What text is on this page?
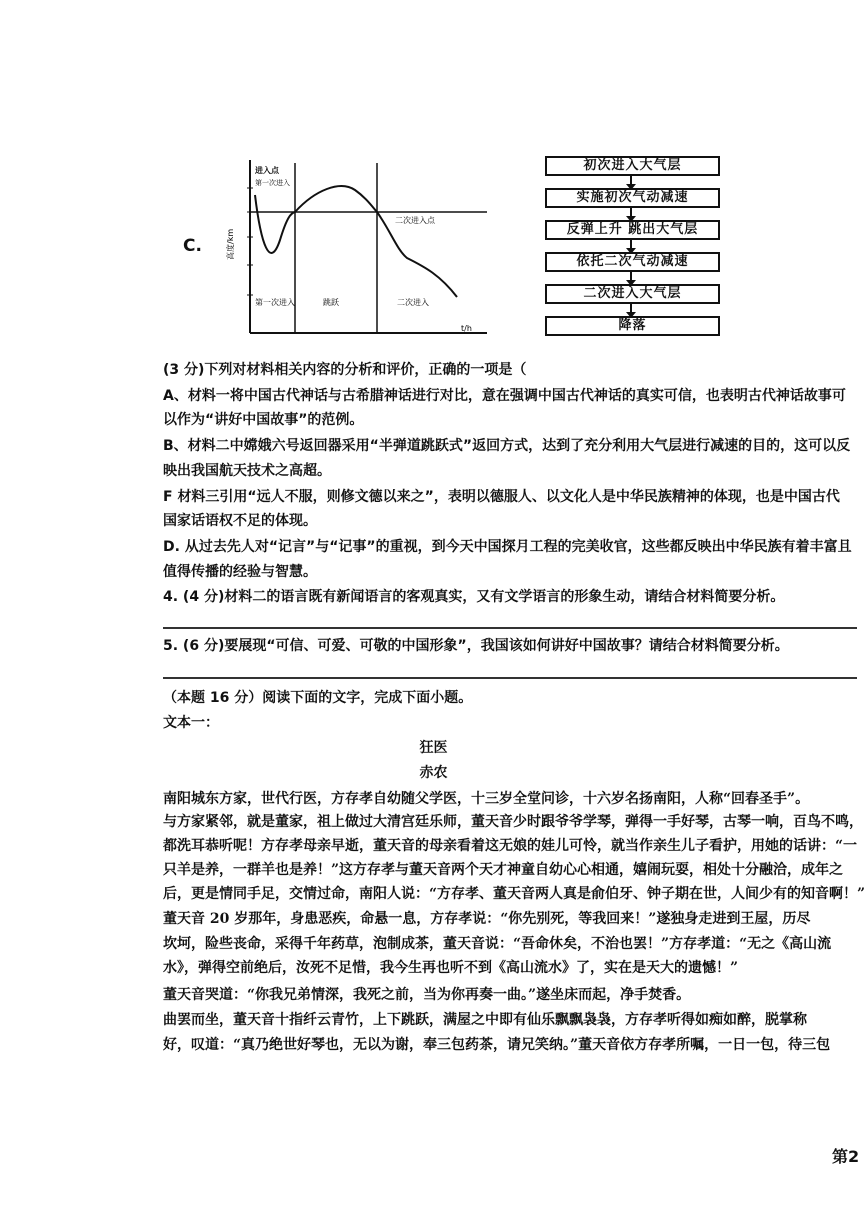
C.	高度/km
进入点
第一次进入
二次进入点
第一次进入	跳跃	二次进入
t/h
初次进入大气层
实施初次气动减速
反弹上升 跳出大气层
依托二次气动减速
二次进入大气层
降落
(3 分)下列对材料相关内容的分析和评价，正确的一项是（
A、材料一将中国古代神话与古希腊神话进行对比，意在强调中国古代神话的真实可信，也表明古代神话故事可
以作为“讲好中国故事”的范例。
B、材料二中嫦娥六号返回器采用“半弹道跳跃式”返回方式，达到了充分利用大气层进行减速的目的，这可以反
映出我国航天技术之高超。
F 材料三引用“远人不服，则修文德以来之”，表明以德服人、以文化人是中华民族精神的体现，也是中国古代
国家话语权不足的体现。
D. 从过去先人对“记言”与“记事”的重视，到今天中国探月工程的完美收官，这些都反映出中华民族有着丰富且
值得传播的经验与智慧。
4. (4 分)材料二的语言既有新闻语言的客观真实，又有文学语言的形象生动，请结合材料简要分析。
5. (6 分)要展现“可信、可爱、可敬的中国形象”，我国该如何讲好中国故事？请结合材料简要分析。
（本题 16 分）阅读下面的文字，完成下面小题。
文本一：
狂医
赤农
南阳城东方家，世代行医，方存孝自幼随父学医，十三岁全堂问诊，十六岁名扬南阳，人称“回春圣手”。
与方家紧邻，就是董家，祖上做过大清宫廷乐师，董天音少时跟爷爷学琴，弹得一手好琴，古琴一响，百鸟不鸣，
都洗耳恭听呢！方存孝母亲早逝，董天音的母亲看着这无娘的娃儿可怜，就当作亲生儿子看护，用她的话讲：“一
只羊是养，一群羊也是养！”这方存孝与董天音两个天才神童自幼心心相通，嬉闹玩耍，相处十分融洽，成年之
后，更是情同手足，交情过命，南阳人说：“方存孝、董天音两人真是俞伯牙、钟子期在世，人间少有的知音啊！”
董天音 20 岁那年，身患恶疾，命悬一息，方存孝说：“你先别死，等我回来！”遂独身走进到王屋，历尽
坎坷，险些丧命，采得千年药草，泡制成茶，董天音说：“吾命休矣，不治也罢！”方存孝道：“无之《高山流
水》，弹得空前绝后，汝死不足惜，我今生再也听不到《高山流水》了，实在是天大的遗憾！”
董天音哭道：“你我兄弟情深，我死之前，当为你再奏一曲。”遂坐床而起，净手焚香。
曲罢而坐，董天音十指纤云青竹，上下跳跃，满屋之中即有仙乐飘飘袅袅，方存孝听得如痴如醉，脱掌称
好，叹道：“真乃绝世好琴也，无以为谢，奉三包药茶，请兄笑纳。”董天音依方存孝所嘱，一日一包，待三包
第2
